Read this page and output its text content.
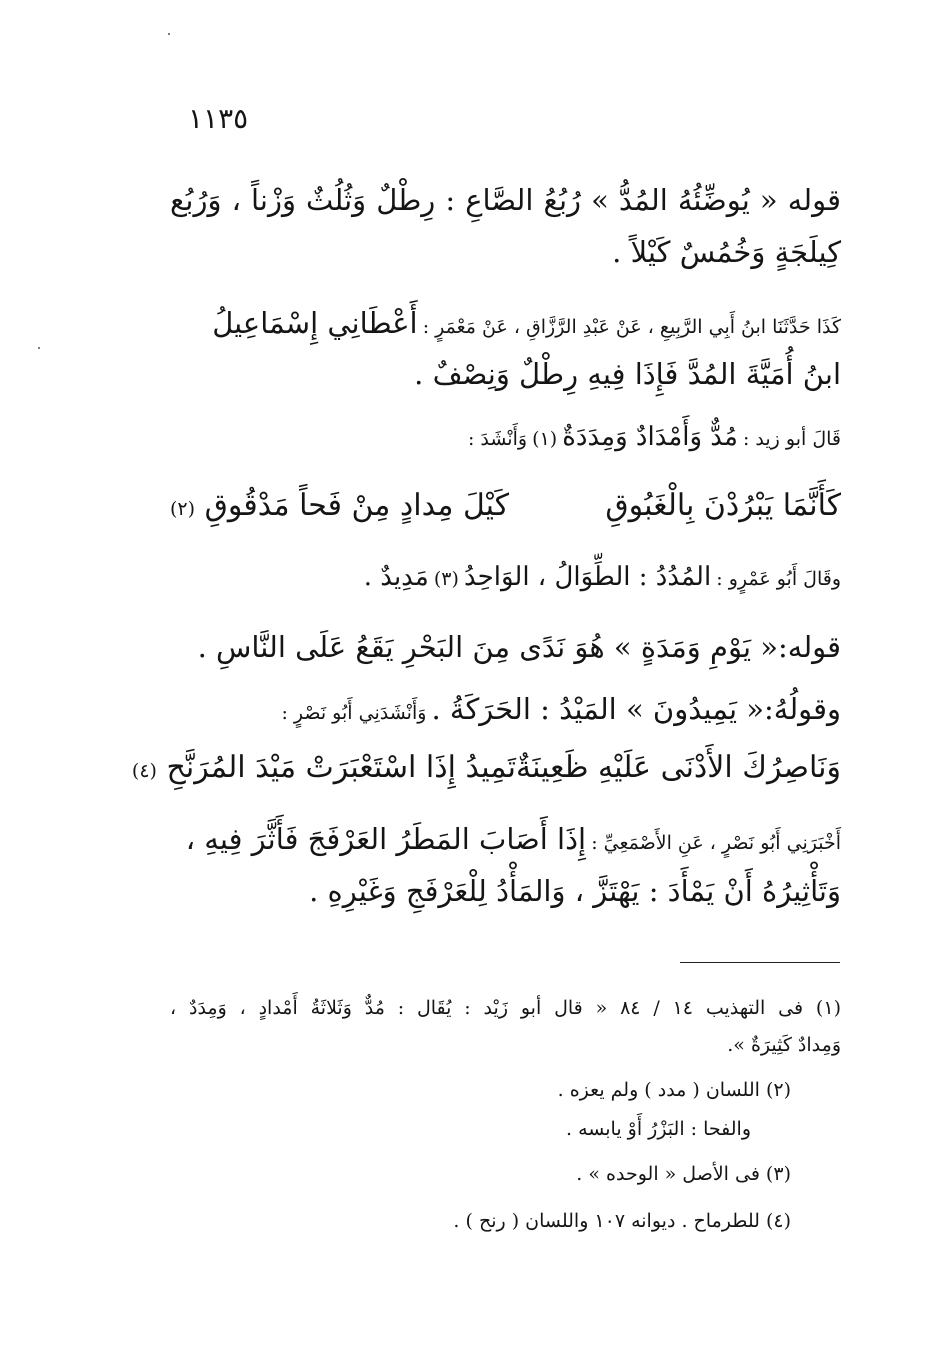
١١٣٥
قوله « يُوضِّئُهُ المُدُّ » رُبُعُ الصَّاعِ : رِطْلٌ وَثُلُثٌ وَزْناً ، وَرُبُع
كِيلَجَةٍ وَخُمُسٌ كَيْلاً .
كَذَا حَدَّثَنَا ابنُ أَبِي الرَّبِيعِ ، عَنْ عَبْدِ الرَّزَّاقِ ، عَنْ مَعْمَرٍ : أَعْطَانِي إِسْمَاعِيلُ
ابنُ أُمَيَّةَ المُدَّ فَإِذَا فِيهِ رِطْلٌ وَنِصْفٌ .
قَالَ أبو زيد : مُدٌّ وَأَمْدَادٌ وَمِدَدَةٌ (١) وَأَنْشَدَ :
كَأَنَّمَا يَبْرُدْنَ بِالْغَبُوقِ
كَيْلَ مِدادٍ مِنْ فَحاً مَدْقُوقِ (٢)
وقَالَ أَبُو عَمْرٍو : المُدُدُ : الطِّوَالُ ، الوَاحِدُ (٣) مَدِيدٌ .
قوله:« يَوْمِ وَمَدَةٍ » هُوَ نَدًى مِنَ البَحْرِ يَقَعُ عَلَى النَّاسِ .
وقولُهُ:« يَمِيدُونَ » المَيْدُ : الحَرَكَةُ . وَأَنْشَدَنِي أَبُو نَصْرٍ :
وَنَاصِرُكَ الأَدْنَى عَلَيْهِ ظَعِينَةٌ
تَمِيدُ إِذَا اسْتَعْبَرَتْ مَيْدَ المُرَنَّحِ (٤)
أَخْبَرَنِي أَبُو نَصْرٍ ، عَنِ الأَصْمَعِيِّ : إِذَا أَصَابَ المَطَرُ العَرْفَجَ فَأَثَّرَ فِيهِ ،
وَتَأْثِيرُهُ أَنْ يَمْأَدَ : يَهْتَزَّ ، وَالمَأْدُ لِلْعَرْفَجِ وَغَيْرِهِ .
(١) فى التهذيب ١٤ / ٨٤ « قال أبو زَيْد : يُقَال : مُدٌّ وَثَلاثَةُ أَمْدادٍ ، وَمِدَدٌ ،
وَمِدادٌ كَثِيرَةٌ ».
(٢) اللسان ( مدد ) ولم يعزه .
والفحا : البَزْرُ أَوْ يابسه .
(٣) فى الأصل « الوحده » .
(٤) للطرماح . ديوانه ١٠٧ واللسان ( رنح ) .
